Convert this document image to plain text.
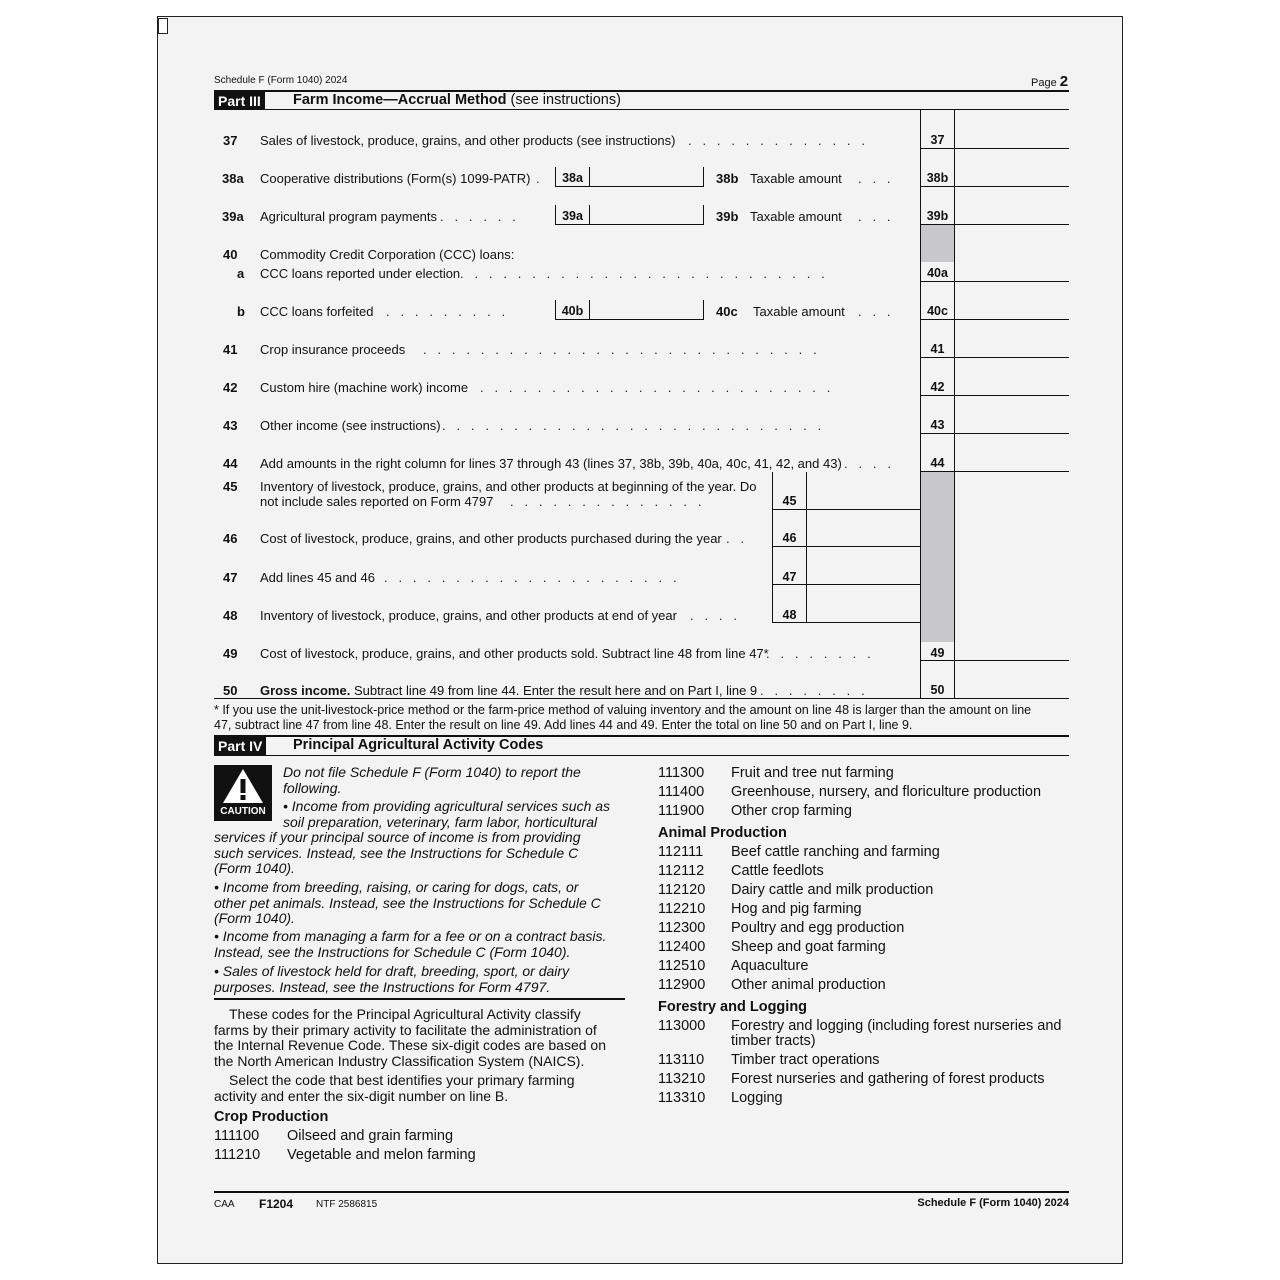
Schedule F (Form 1040) 2024	Page 2
Part III Farm Income—Accrual Method (see instructions)
37 Sales of livestock, produce, grains, and other products (see instructions) .   .   .   .   .   .   .   .   .   .   .   .   .	37
38a Cooperative distributions (Form(s) 1099-PATR) .	38a	38b Taxable amount .   .   .	38b
39a Agricultural program payments .   .   .   .   .   .	39a	39b Taxable amount .   .   .	39b
40 Commodity Credit Corporation (CCC) loans:
a CCC loans reported under election .   .   .   .   .   .   .   .   .   .   .   .   .   .   .   .   .   .   .   .   .   .   .   .   .   .	40a
b CCC loans forfeited .   .   .   .   .   .   .   .   .	40b	40c Taxable amount .   .   .	40c
41 Crop insurance proceeds .   .   .   .   .   .   .   .   .   .   .   .   .   .   .   .   .   .   .   .   .   .   .   .   .   .   .   .	41
42 Custom hire (machine work) income .   .   .   .   .   .   .   .   .   .   .   .   .   .   .   .   .   .   .   .   .   .   .   .   .	42
43 Other income (see instructions) .   .   .   .   .   .   .   .   .   .   .   .   .   .   .   .   .   .   .   .   .   .   .   .   .   .   .	43
44 Add amounts in the right column for lines 37 through 43 (lines 37, 38b, 39b, 40a, 40c, 41, 42, and 43) .   .   .   .	44
45 Inventory of livestock, produce, grains, and other products at beginning of the year. Do
not include sales reported on Form 4797 .   .   .   .   .   .   .   .   .   .   .   .   .   .	45
46 Cost of livestock, produce, grains, and other products purchased during the year .   .	46
47 Add lines 45 and 46 .   .   .   .   .   .   .   .   .   .   .   .   .   .   .   .   .   .   .   .   .	47
48 Inventory of livestock, produce, grains, and other products at end of year .   .   .   .	48
49 Cost of livestock, produce, grains, and other products sold. Subtract line 48 from line 47*
.   .   .   .   .   .   .   .	49
50 Gross income. Subtract line 49 from line 44. Enter the result here and on Part I, line 9 .   .   .   .   .   .   .   .	50
* If you use the unit-livestock-price method or the farm-price method of valuing inventory and the amount on line 48 is larger than the amount on line
47, subtract line 47 from line 48. Enter the result on line 49. Add lines 44 and 49. Enter the total on line 50 and on Part I, line 9.
Part IV Principal Agricultural Activity Codes
CAUTION
Do not file Schedule F (Form 1040) to report the
following.
• Income from providing agricultural services such as
soil preparation, veterinary, farm labor, horticultural
services if your principal source of income is from providing
such services. Instead, see the Instructions for Schedule C
(Form 1040).
• Income from breeding, raising, or caring for dogs, cats, or
other pet animals. Instead, see the Instructions for Schedule C
(Form 1040).
• Income from managing a farm for a fee or on a contract basis.
Instead, see the Instructions for Schedule C (Form 1040).
• Sales of livestock held for draft, breeding, sport, or dairy
purposes. Instead, see the Instructions for Form 4797.
These codes for the Principal Agricultural Activity classify
farms by their primary activity to facilitate the administration of
the Internal Revenue Code. These six-digit codes are based on
the North American Industry Classification System (NAICS).
Select the code that best identifies your primary farming
activity and enter the six-digit number on line B.
Crop Production
111100 Oilseed and grain farming
111210 Vegetable and melon farming
111300 Fruit and tree nut farming
111400 Greenhouse, nursery, and floriculture production
111900 Other crop farming
Animal Production
112111 Beef cattle ranching and farming
112112 Cattle feedlots
112120 Dairy cattle and milk production
112210 Hog and pig farming
112300 Poultry and egg production
112400 Sheep and goat farming
112510 Aquaculture
112900 Other animal production
Forestry and Logging
113000 Forestry and logging (including forest nurseries and
timber tracts)
113110 Timber tract operations
113210 Forest nurseries and gathering of forest products
113310 Logging
CAA F1204 NTF 2586815	Schedule F (Form 1040) 2024
